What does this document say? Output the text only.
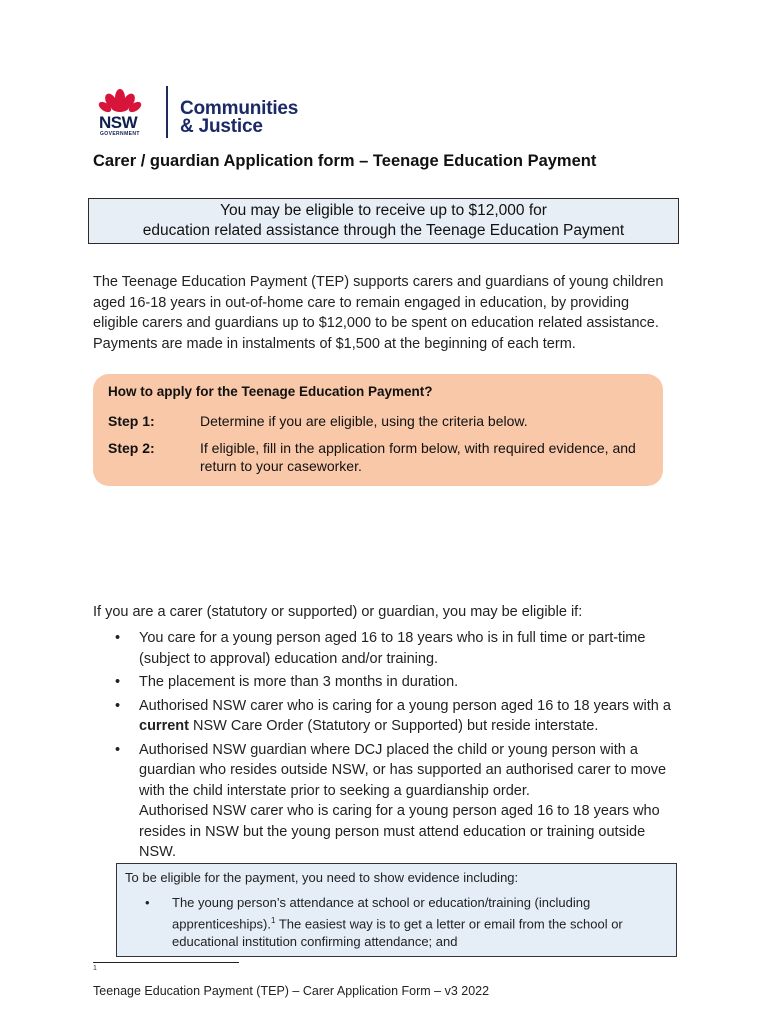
NSW
GOVERNMENT
Communities
& Justice
Carer / guardian Application form – Teenage Education Payment
You may be eligible to receive up to $12,000 for
education related assistance through the Teenage Education Payment

The Teenage Education Payment (TEP) supports carers and guardians of young children aged 16-18 years in out-of-home care to remain engaged in education, by providing eligible carers and guardians up to $12,000 to be spent on education related assistance. Payments are made in instalments of $1,500 at the beginning of each term.

How to apply for the Teenage Education Payment?
Step 1:	Determine if you are eligible, using the criteria below.
Step 2:	If eligible, fill in the application form below, with required evidence, and return to your caseworker.

If you are a carer (statutory or supported) or guardian, you may be eligible if:

• You care for a young person aged 16 to 18 years who is in full time or part-time (subject to approval) education and/or training.
• The placement is more than 3 months in duration.
• Authorised NSW carer who is caring for a young person aged 16 to 18 years with a current NSW Care Order (Statutory or Supported) but reside interstate.
• Authorised NSW guardian where DCJ placed the child or young person with a guardian who resides outside NSW, or has supported an authorised carer to move with the child interstate prior to seeking a guardianship order.

Authorised NSW carer who is caring for a young person aged 16 to 18 years who resides in NSW but the young person must attend education or training outside NSW.

To be eligible for the payment, you need to show evidence including:
• The young person’s attendance at school or education/training (including apprenticeships).$^1$ The easiest way is to get a letter or email from the school or educational institution confirming attendance; and
1
Teenage Education Payment (TEP) – Carer Application Form – v3 2022
